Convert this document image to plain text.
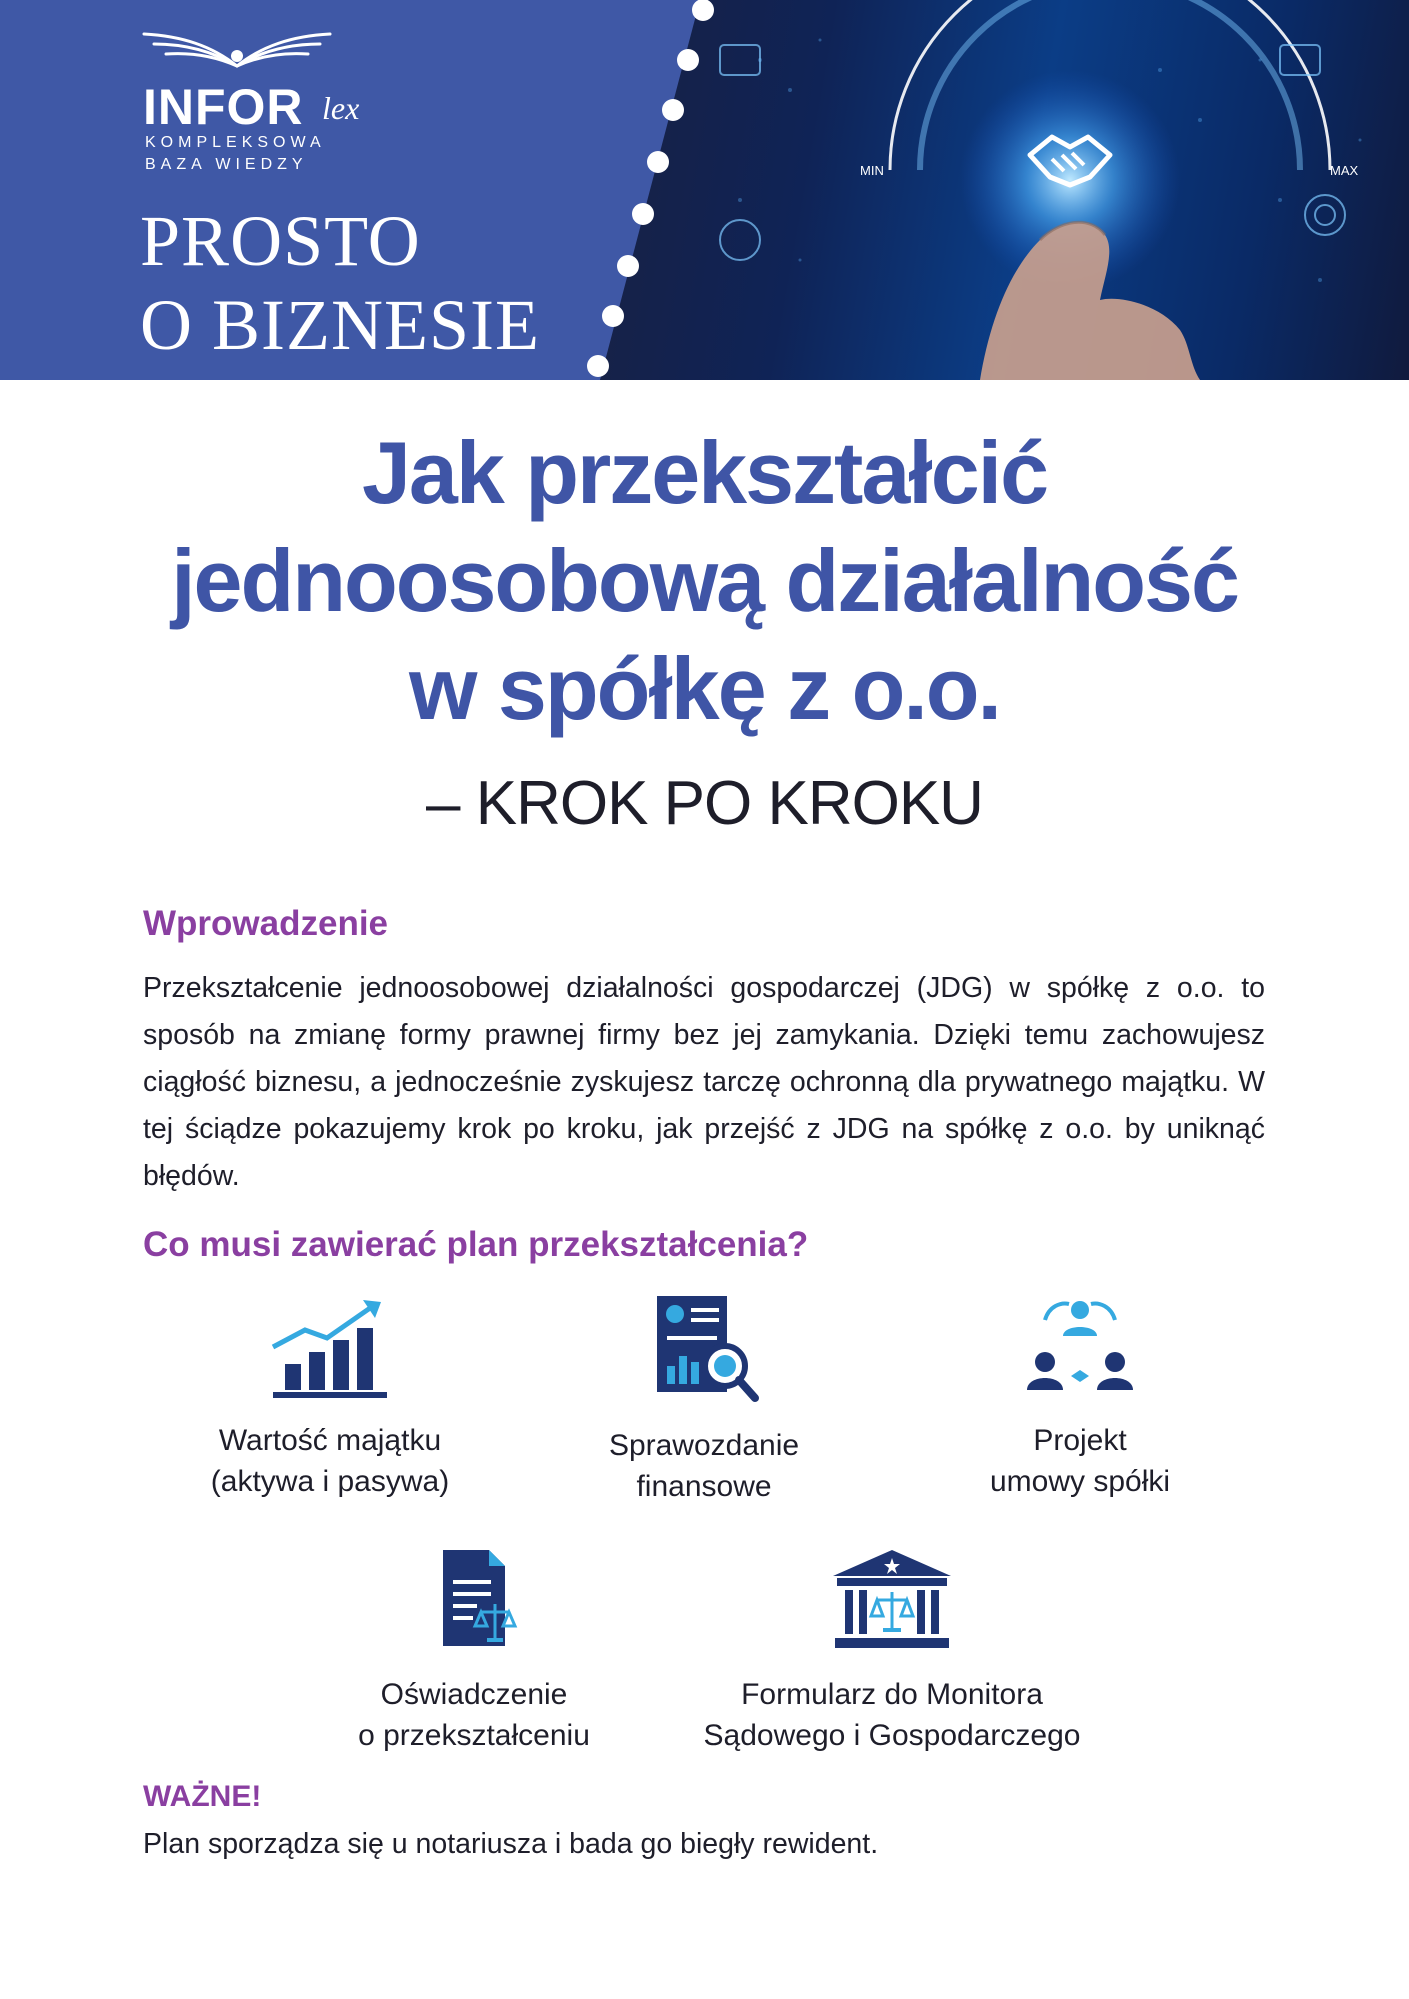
MIN	MAX
INFOR lex
KOMPLEKSOWA
BAZA WIEDZY
PROSTO
O BIZNESIE
Jak przekształcić
jednoosobową działalność
w spółkę z o.o.
– KROK PO KROKU
Wprowadzenie
Przekształcenie jednoosobowej działalności gospodarczej (JDG) w spółkę z o.o. to sposób na zmianę formy prawnej firmy bez jej zamykania. Dzięki temu zachowujesz ciągłość biznesu, a jednocześnie zyskujesz tarczę ochronną dla prywatnego majątku. W tej ściądze pokazujemy krok po kroku, jak przejść z JDG na spółkę z o.o. by uniknąć błędów.
Co musi zawierać plan przekształcenia?
Wartość majątku
(aktywa i pasywa)
Sprawozdanie
finansowe
Projekt
umowy spółki
Oświadczenie
o przekształceniu
Formularz do Monitora
Sądowego i Gospodarczego
WAŻNE!
Plan sporządza się u notariusza i bada go biegły rewident.
